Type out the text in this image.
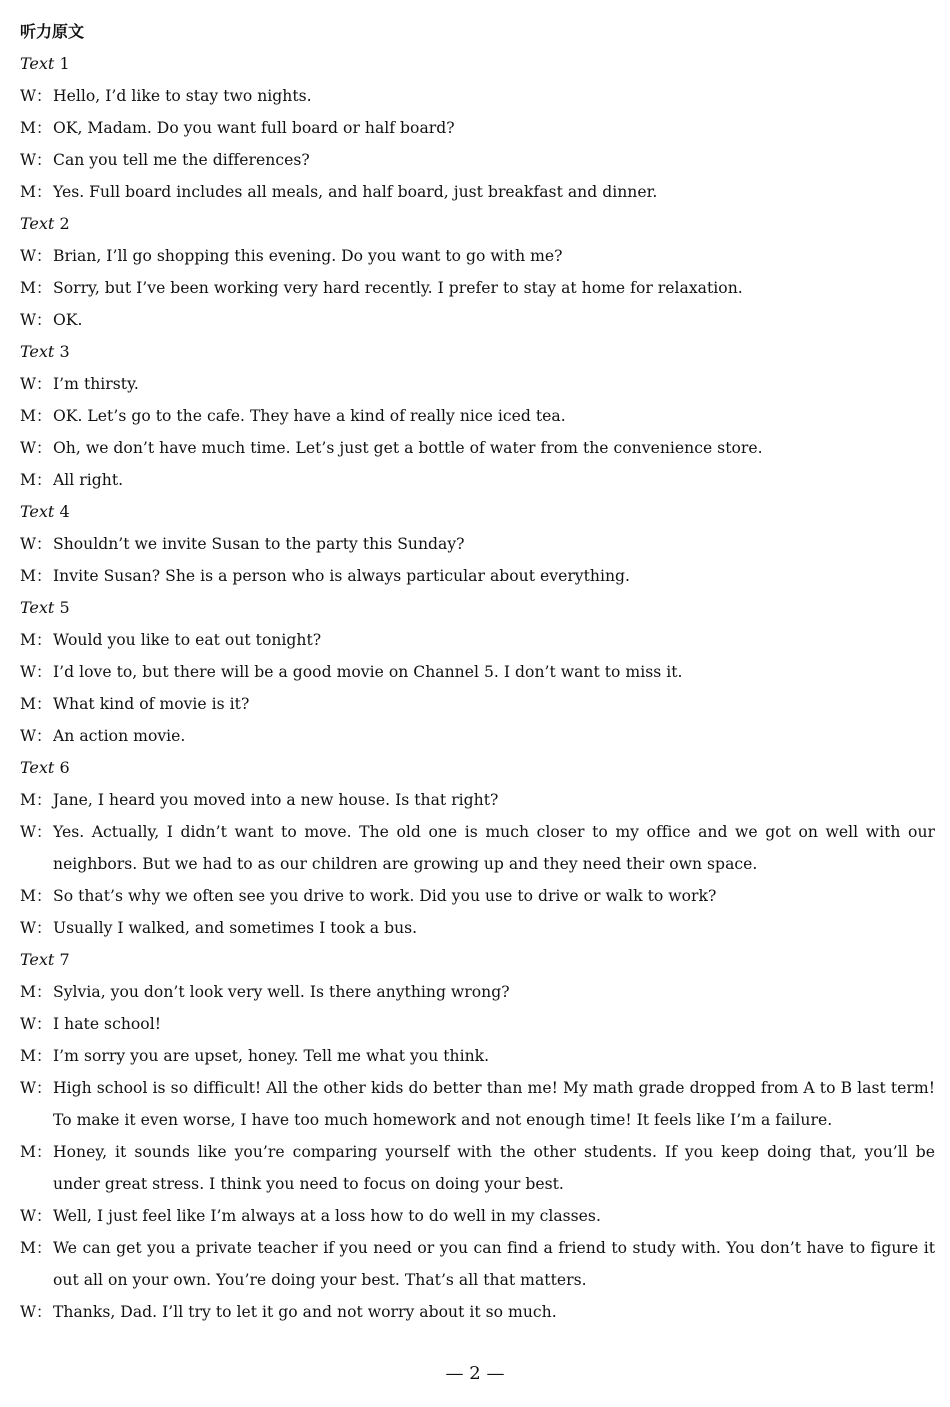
听力原文
Text 1
W：Hello, I’d like to stay two nights.
M：OK, Madam. Do you want full board or half board?
W：Can you tell me the differences?
M：Yes. Full board includes all meals, and half board, just breakfast and dinner.
Text 2
W：Brian, I’ll go shopping this evening. Do you want to go with me?
M：Sorry, but I’ve been working very hard recently. I prefer to stay at home for relaxation.
W：OK.
Text 3
W：I’m thirsty.
M：OK. Let’s go to the cafe. They have a kind of really nice iced tea.
W：Oh, we don’t have much time. Let’s just get a bottle of water from the convenience store.
M：All right.
Text 4
W：Shouldn’t we invite Susan to the party this Sunday?
M：Invite Susan? She is a person who is always particular about everything.
Text 5
M：Would you like to eat out tonight?
W：I’d love to, but there will be a good movie on Channel 5. I don’t want to miss it.
M：What kind of movie is it?
W：An action movie.
Text 6
M：Jane, I heard you moved into a new house. Is that right?
W：Yes. Actually, I didn’t want to move. The old one is much closer to my office and we got on well with our neighbors. But we had to as our children are growing up and they need their own space.
M：So that’s why we often see you drive to work. Did you use to drive or walk to work?
W：Usually I walked, and sometimes I took a bus.
Text 7
M：Sylvia, you don’t look very well. Is there anything wrong?
W：I hate school!
M：I’m sorry you are upset, honey. Tell me what you think.
W：High school is so difficult! All the other kids do better than me! My math grade dropped from A to B last term! To make it even worse, I have too much homework and not enough time! It feels like I’m a failure.
M：Honey, it sounds like you’re comparing yourself with the other students. If you keep doing that, you’ll be under great stress. I think you need to focus on doing your best.
W：Well, I just feel like I’m always at a loss how to do well in my classes.
M：We can get you a private teacher if you need or you can find a friend to study with. You don’t have to figure it out all on your own. You’re doing your best. That’s all that matters.
W：Thanks, Dad. I’ll try to let it go and not worry about it so much.
— 2 —
